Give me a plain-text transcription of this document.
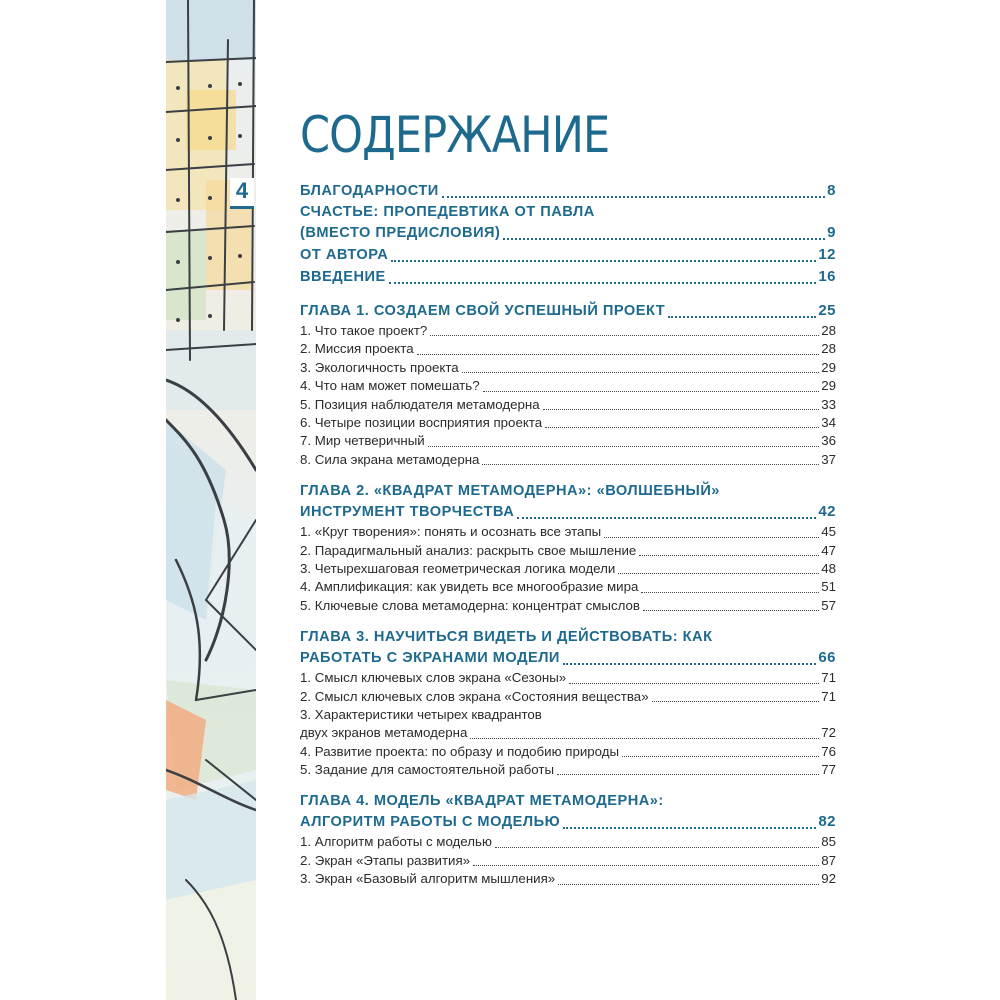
4
СОДЕРЖАНИЕ
БЛАГОДАРНОСТИ	8
СЧАСТЬЕ: ПРОПЕДЕВТИКА ОТ ПАВЛА
(ВМЕСТО ПРЕДИСЛОВИЯ)	9
ОТ АВТОРА	12
ВВЕДЕНИЕ	16
ГЛАВА 1. СОЗДАЕМ СВОЙ УСПЕШНЫЙ ПРОЕКТ	25
1. Что такое проект?	28
2. Миссия проекта	28
3. Экологичность проекта	29
4. Что нам может помешать?	29
5. Позиция наблюдателя метамодерна	33
6. Четыре позиции восприятия проекта	34
7. Мир четверичный	36
8. Сила экрана метамодерна	37
ГЛАВА 2. «КВАДРАТ МЕТАМОДЕРНА»: «ВОЛШЕБНЫЙ»
ИНСТРУМЕНТ ТВОРЧЕСТВА	42
1. «Круг творения»: понять и осознать все этапы	45
2. Парадигмальный анализ: раскрыть свое мышление	47
3. Четырехшаговая геометрическая логика модели	48
4. Амплификация: как увидеть все многообразие мира	51
5. Ключевые слова метамодерна: концентрат смыслов	57
ГЛАВА 3. НАУЧИТЬСЯ ВИДЕТЬ И ДЕЙСТВОВАТЬ: КАК
РАБОТАТЬ С ЭКРАНАМИ МОДЕЛИ	66
1. Смысл ключевых слов экрана «Сезоны»	71
2. Смысл ключевых слов экрана «Состояния вещества»	71
3. Характеристики четырех квадрантов
двух экранов метамодерна	72
4. Развитие проекта: по образу и подобию природы	76
5. Задание для самостоятельной работы	77
ГЛАВА 4. МОДЕЛЬ «КВАДРАТ МЕТАМОДЕРНА»:
АЛГОРИТМ РАБОТЫ С МОДЕЛЬЮ	82
1. Алгоритм работы с моделью	85
2. Экран «Этапы развития»	87
3. Экран «Базовый алгоритм мышления»	92
